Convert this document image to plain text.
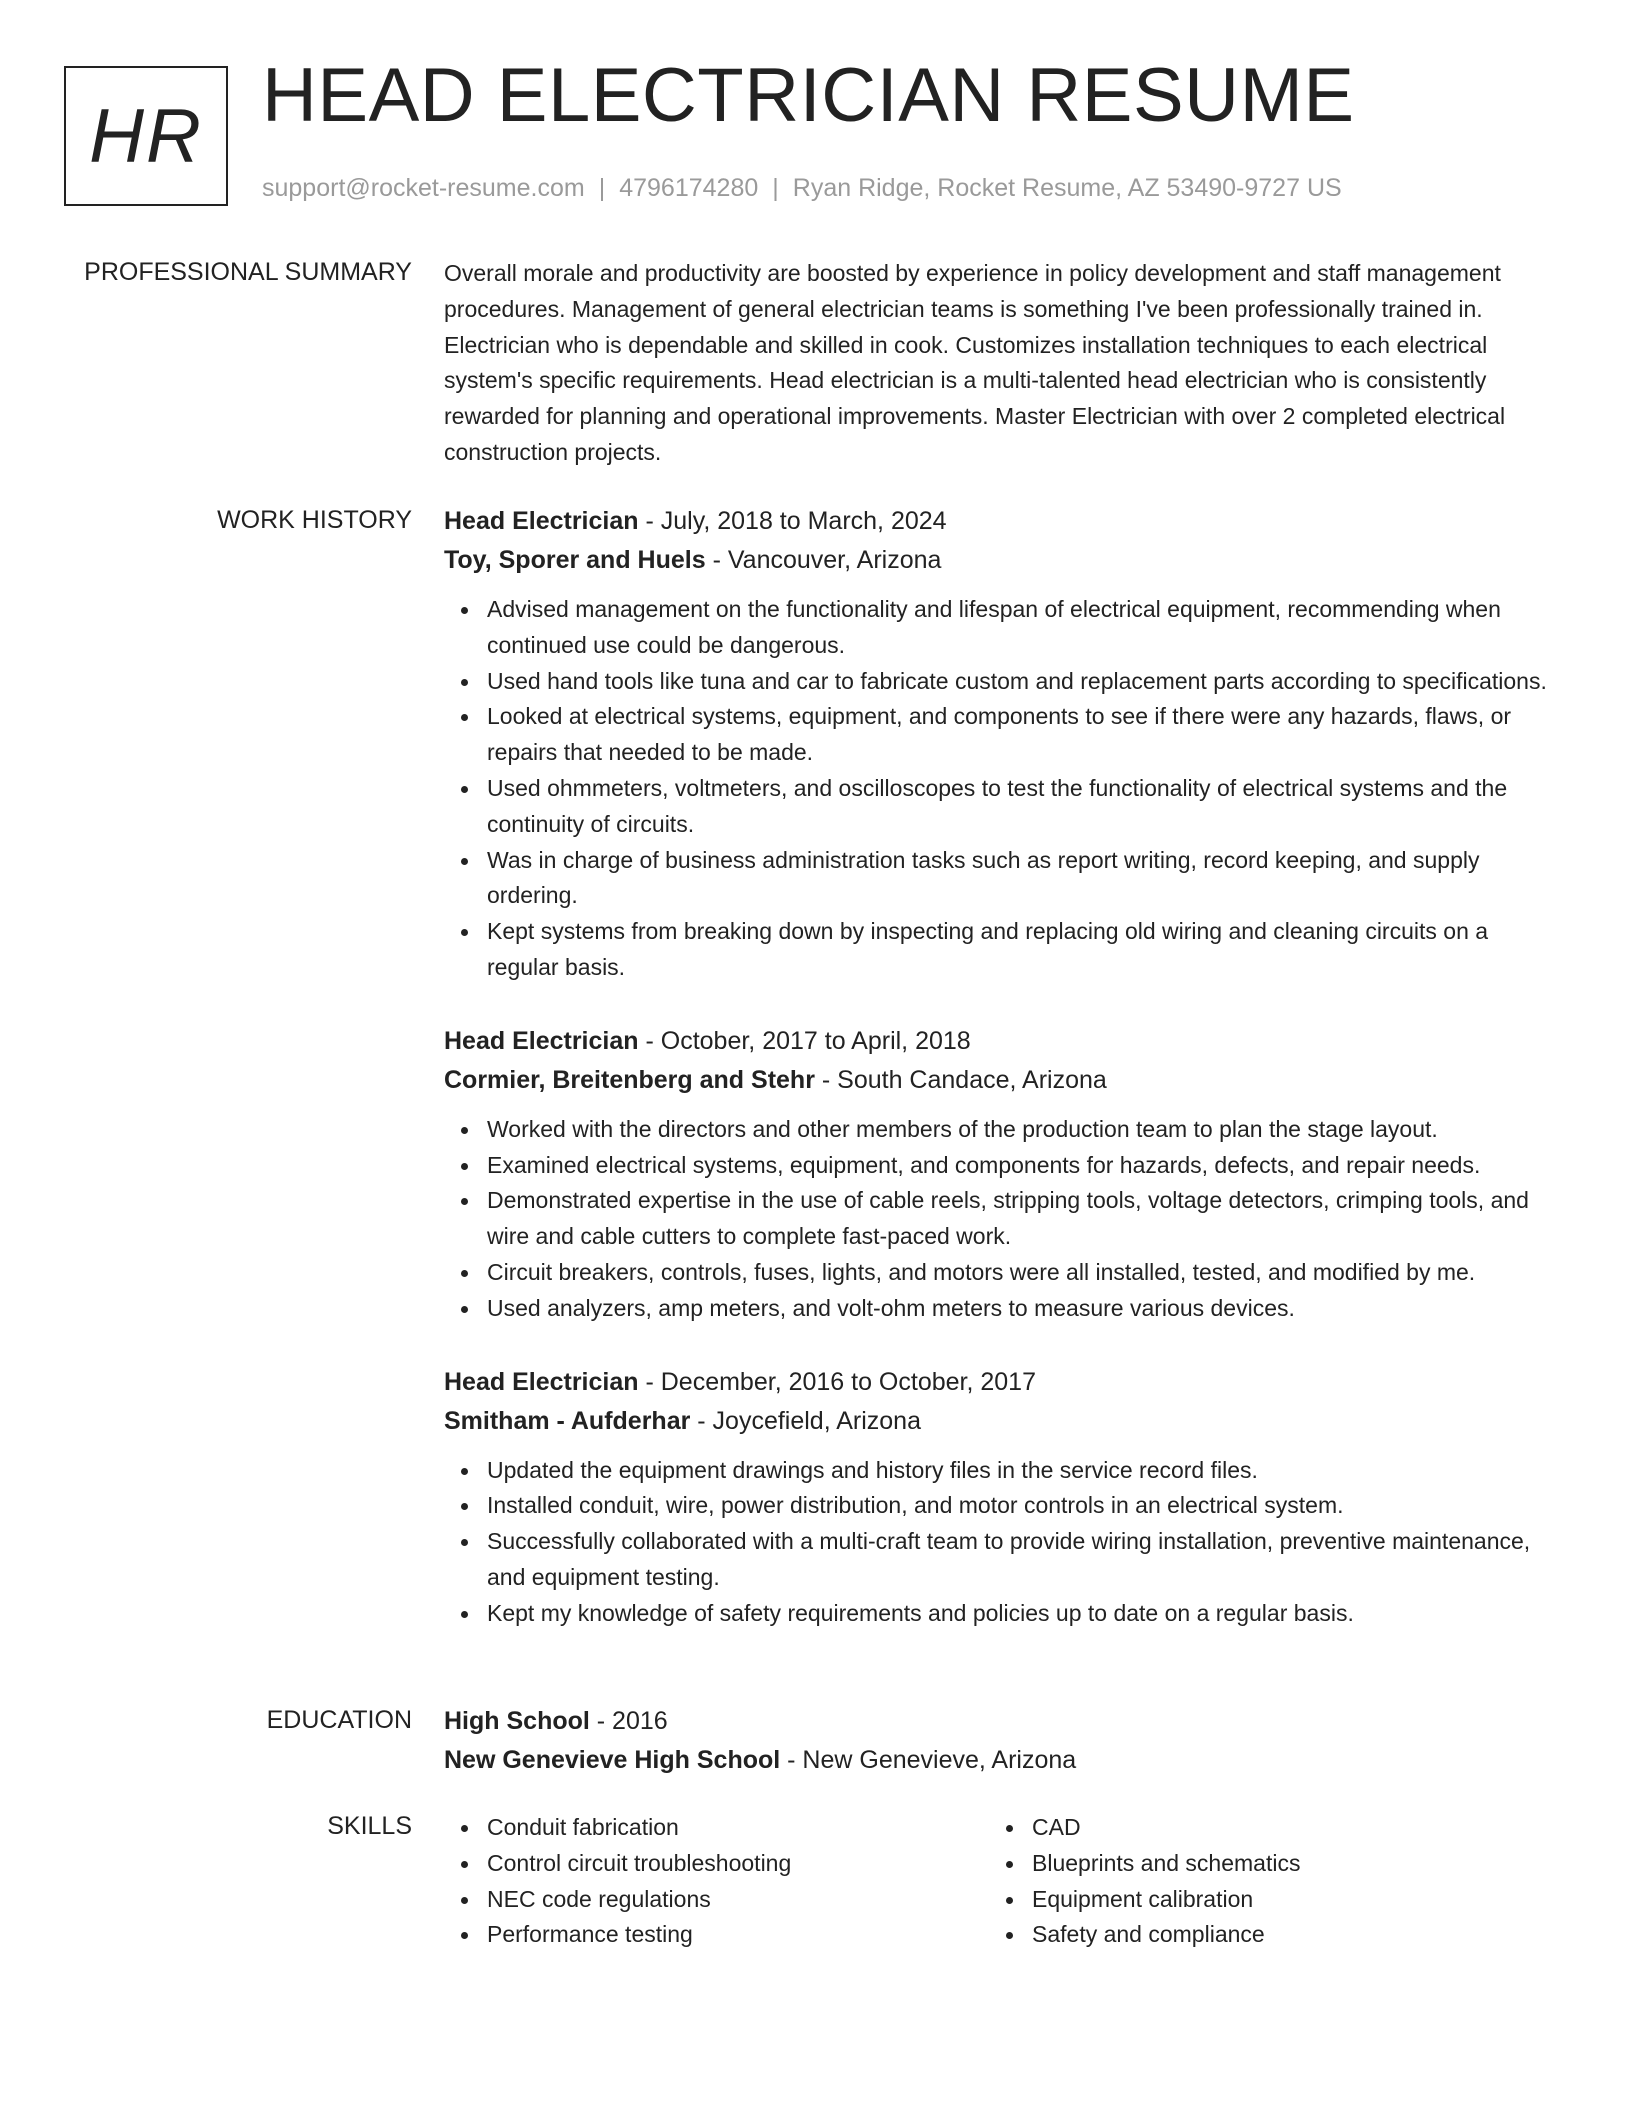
HR HEAD ELECTRICIAN RESUME
support@rocket-resume.com | 4796174280 | Ryan Ridge, Rocket Resume, AZ 53490-9727 US
PROFESSIONAL SUMMARY Overall morale and productivity are boosted by experience in policy development and staff management procedures. Management of general electrician teams is something I've been professionally trained in. Electrician who is dependable and skilled in cook. Customizes installation techniques to each electrical system's specific requirements. Head electrician is a multi-talented head electrician who is consistently rewarded for planning and operational improvements. Master Electrician with over 2 completed electrical construction projects.

WORK HISTORY Head Electrician - July, 2018 to March, 2024
Toy, Sporer and Huels - Vancouver, Arizona
Advised management on the functionality and lifespan of electrical equipment, recommending when continued use could be dangerous.
Used hand tools like tuna and car to fabricate custom and replacement parts according to specifications.
Looked at electrical systems, equipment, and components to see if there were any hazards, flaws, or repairs that needed to be made.
Used ohmmeters, voltmeters, and oscilloscopes to test the functionality of electrical systems and the continuity of circuits.
Was in charge of business administration tasks such as report writing, record keeping, and supply ordering.
Kept systems from breaking down by inspecting and replacing old wiring and cleaning circuits on a regular basis.
Head Electrician - October, 2017 to April, 2018
Cormier, Breitenberg and Stehr - South Candace, Arizona
Worked with the directors and other members of the production team to plan the stage layout.
Examined electrical systems, equipment, and components for hazards, defects, and repair needs.
Demonstrated expertise in the use of cable reels, stripping tools, voltage detectors, crimping tools, and wire and cable cutters to complete fast-paced work.
Circuit breakers, controls, fuses, lights, and motors were all installed, tested, and modified by me.
Used analyzers, amp meters, and volt-ohm meters to measure various devices.
Head Electrician - December, 2016 to October, 2017
Smitham - Aufderhar - Joycefield, Arizona
Updated the equipment drawings and history files in the service record files.
Installed conduit, wire, power distribution, and motor controls in an electrical system.
Successfully collaborated with a multi-craft team to provide wiring installation, preventive maintenance, and equipment testing.
Kept my knowledge of safety requirements and policies up to date on a regular basis.
EDUCATION High School - 2016
New Genevieve High School - New Genevieve, Arizona
SKILLS	Conduit fabrication
Control circuit troubleshooting
NEC code regulations
Performance testing
CAD
Blueprints and schematics
Equipment calibration
Safety and compliance
